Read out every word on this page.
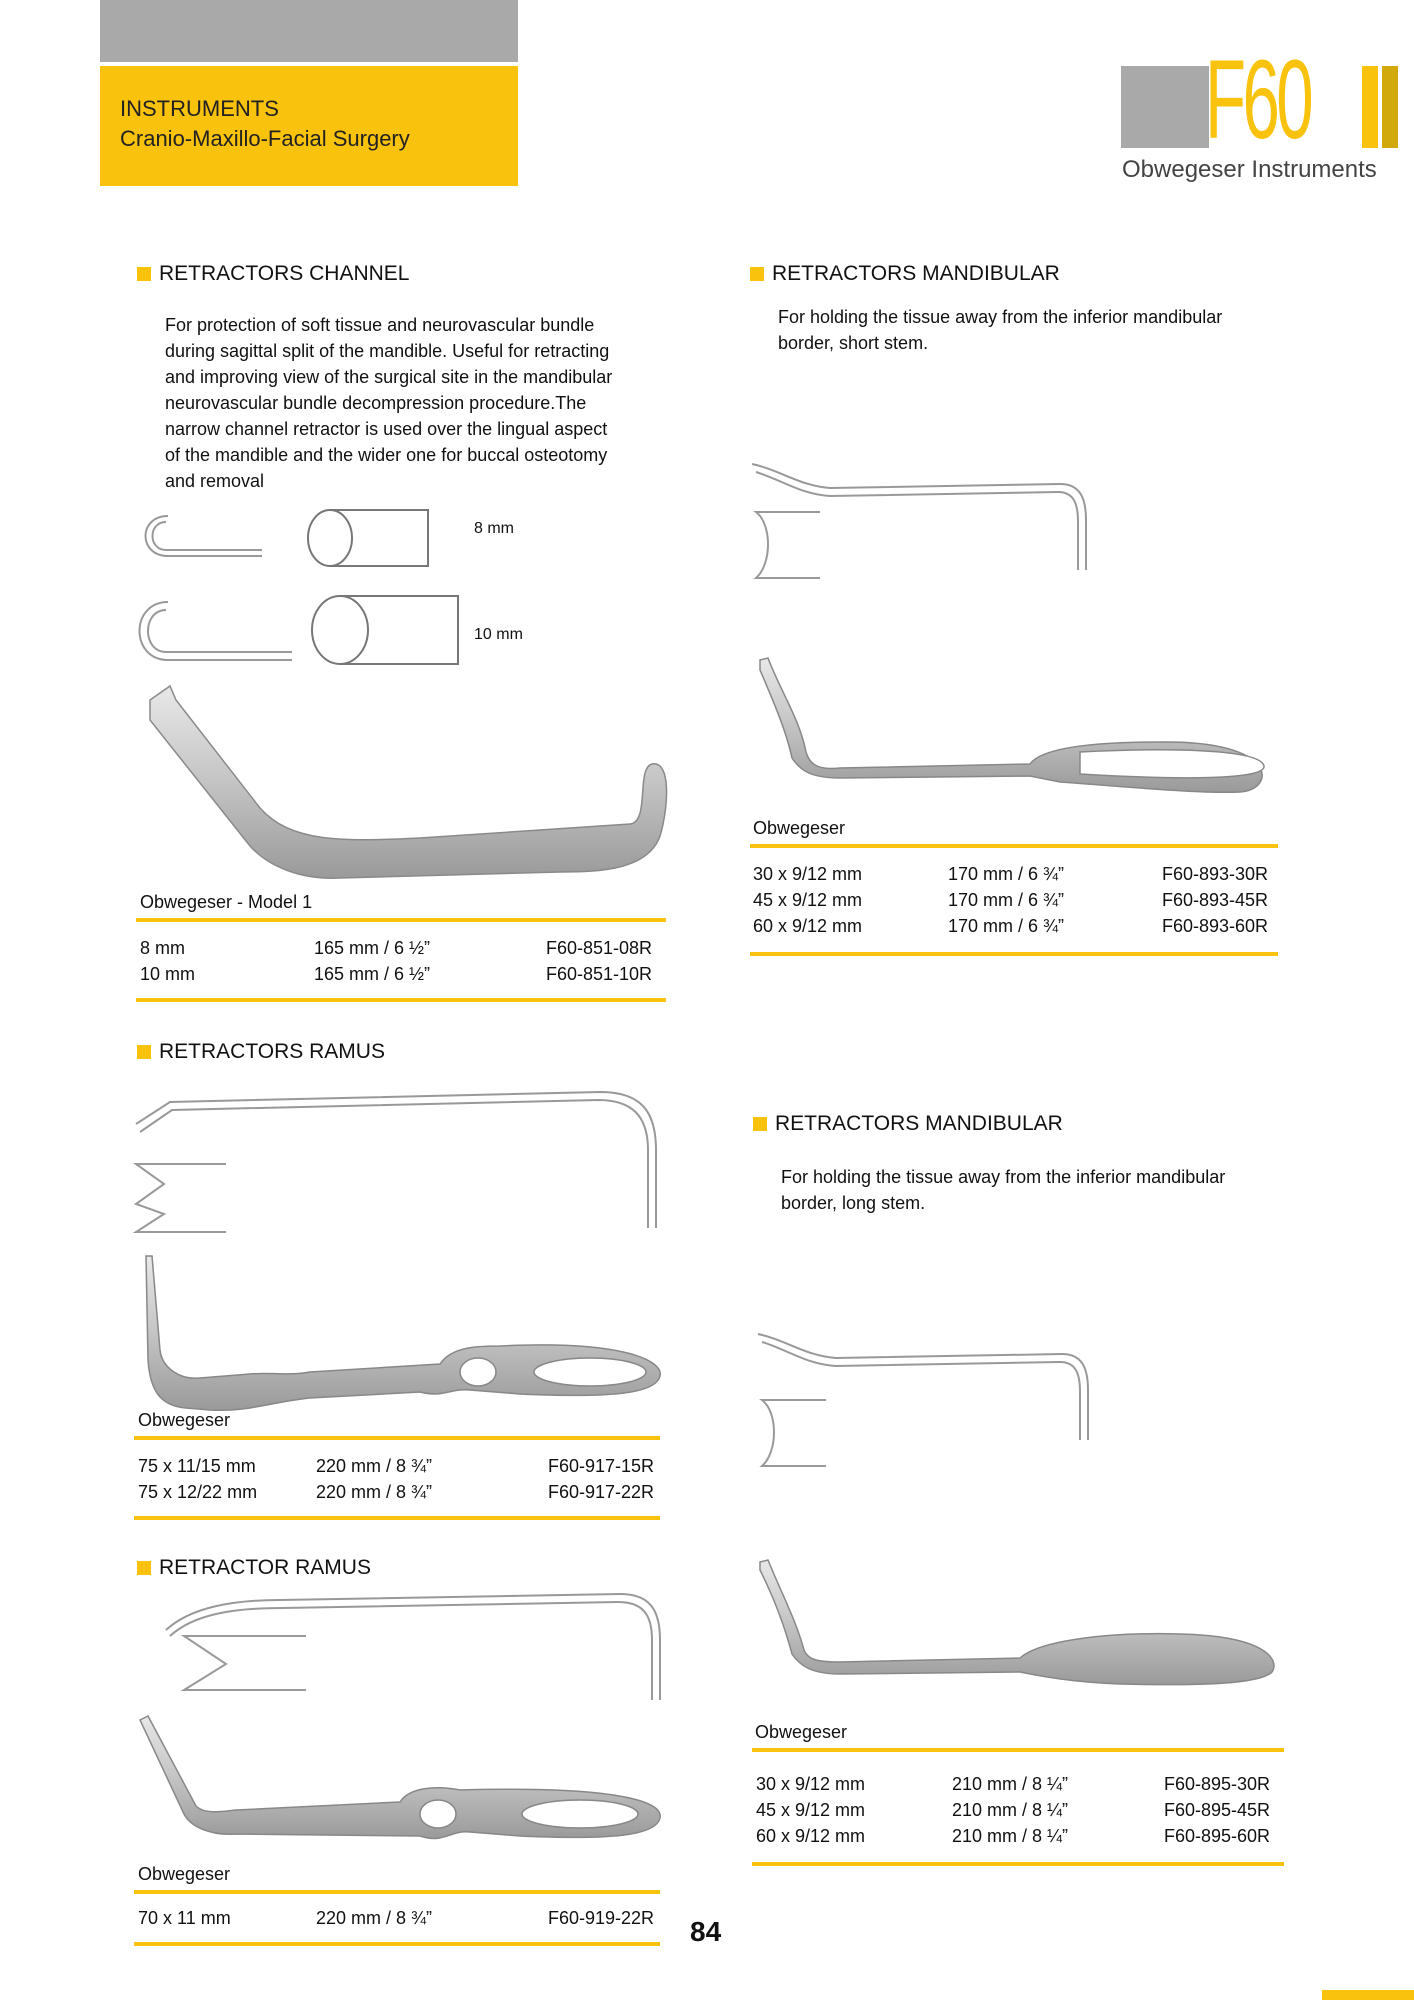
INSTRUMENTS
Cranio-Maxillo-Facial Surgery	F60
Obwegeser Instruments
RETRACTORS CHANNEL
For protection of soft tissue and neurovascular bundle
during sagittal split of the mandible. Useful for retracting
and improving view of the surgical site in the mandibular
neurovascular bundle decompression procedure.The
narrow channel retractor is used over the lingual aspect
of the mandible and the wider one for buccal osteotomy
and removal
8 mm
10 mm
Obwegeser - Model 1
8 mm	165 mm / 6 ½”	F60-851-08R
10 mm	165 mm / 6 ½”	F60-851-10R
RETRACTORS RAMUS
Obwegeser
75 x 11/15 mm	220 mm / 8 ¾”	F60-917-15R
75 x 12/22 mm	220 mm / 8 ¾”	F60-917-22R
RETRACTOR RAMUS
Obwegeser
70 x 11 mm	220 mm / 8 ¾”	F60-919-22R 84
RETRACTORS MANDIBULAR
For holding the tissue away from the inferior mandibular
border, short stem.
Obwegeser
30 x 9/12 mm	170 mm / 6 ¾”	F60-893-30R
45 x 9/12 mm	170 mm / 6 ¾”	F60-893-45R
60 x 9/12 mm	170 mm / 6 ¾”	F60-893-60R
RETRACTORS MANDIBULAR
For holding the tissue away from the inferior mandibular
border, long stem.
Obwegeser
30 x 9/12 mm	210 mm / 8 ¼”	F60-895-30R
45 x 9/12 mm	210 mm / 8 ¼”	F60-895-45R
60 x 9/12 mm	210 mm / 8 ¼”	F60-895-60R
